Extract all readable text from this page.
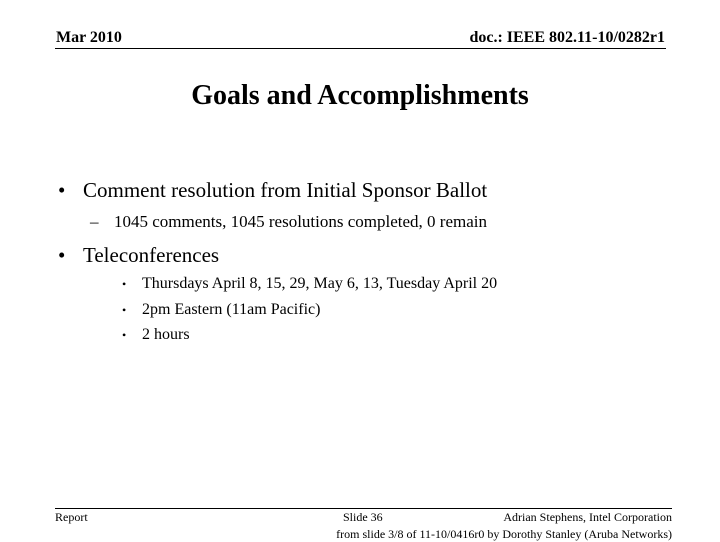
Mar 2010	doc.: IEEE 802.11-10/0282r1
Goals and Accomplishments
• Comment resolution from Initial Sponsor Ballot
– 1045 comments, 1045 resolutions completed, 0 remain
• Teleconferences
• Thursdays April 8, 15, 29, May 6, 13, Tuesday April 20
• 2pm Eastern (11am Pacific)
• 2 hours
Report	Slide 36	Adrian Stephens, Intel Corporation
from slide 3/8 of 11-10/0416r0 by Dorothy Stanley (Aruba Networks)
